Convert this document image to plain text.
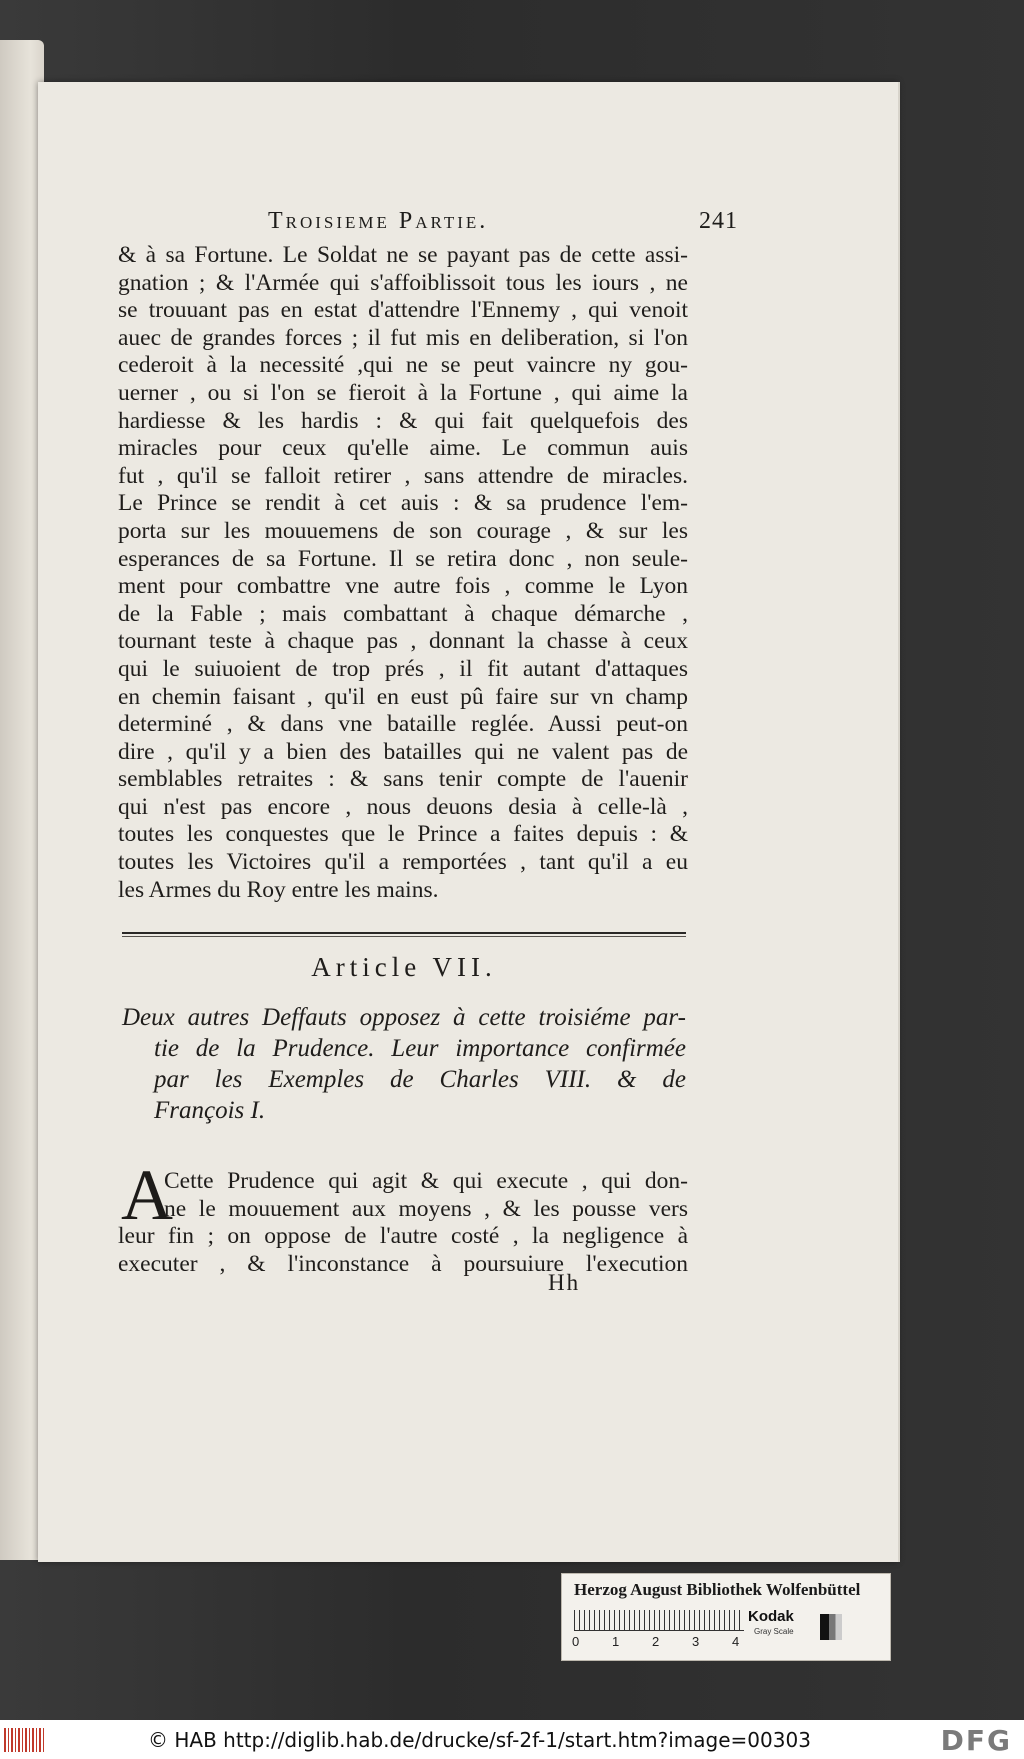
Troisieme Partie.	241
& à sa Fortune. Le Soldat ne se payant pas de cette assi-
gnation ; & l'Armée qui s'affoiblissoit tous les iours , ne
se trouuant pas en estat d'attendre l'Ennemy , qui venoit
auec de grandes forces ; il fut mis en deliberation, si l'on
cederoit à la necessité ,qui ne se peut vaincre ny gou-
uerner , ou si l'on se fieroit à la Fortune , qui aime la
hardiesse & les hardis : & qui fait quelquefois des
miracles pour ceux qu'elle aime. Le commun auis
fut , qu'il se falloit retirer , sans attendre de miracles.
Le Prince se rendit à cet auis : & sa prudence l'em-
porta sur les mouuemens de son courage , & sur les
esperances de sa Fortune. Il se retira donc , non seule-
ment pour combattre vne autre fois , comme le Lyon
de la Fable ; mais combattant à chaque démarche ,
tournant teste à chaque pas , donnant la chasse à ceux
qui le suiuoient de trop prés , il fit autant d'attaques
en chemin faisant , qu'il en eust pû faire sur vn champ
determiné , & dans vne bataille reglée. Aussi peut-on
dire , qu'il y a bien des batailles qui ne valent pas de
semblables retraites : & sans tenir compte de l'auenir
qui n'est pas encore , nous deuons desia à celle-là ,
toutes les conquestes que le Prince a faites depuis : &
toutes les Victoires qu'il a remportées , tant qu'il a eu
les Armes du Roy entre les mains.
Article VII.
Deux autres Deffauts opposez à cette troisiéme par-
tie de la Prudence. Leur importance confirmée
par les Exemples de Charles VIII. & de
François I.
A
Cette Prudence qui agit & qui execute , qui don-
ne le mouuement aux moyens , & les pousse vers
leur fin ; on oppose de l'autre costé , la negligence à
executer , & l'inconstance à poursuiure l'execution
Hh
Herzog August Bibliothek Wolfenbüttel
0	1	2	3	4
Kodak
Gray Scale
© HAB http://diglib.hab.de/drucke/sf-2f-1/start.htm?image=00303	DFG
